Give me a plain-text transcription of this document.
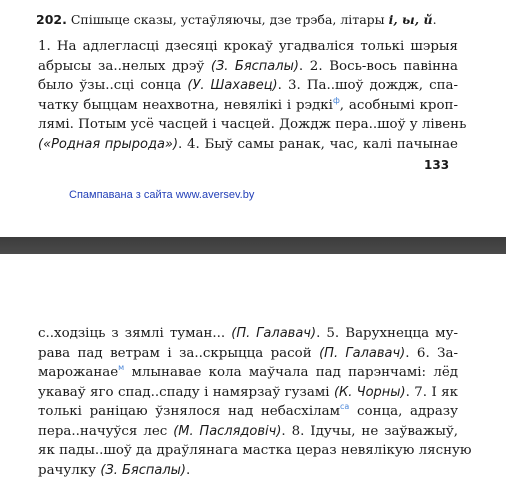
202. Спішыце сказы, устаўляючы, дзе трэба, літары і, ы, й.
1. На адлегласці дзесяці крокаў угадваліся толькі шэрыя
абрысы за..нелых дрэў (З. Бяспалы). 2. Вось-вось павінна
было ўзы..сці сонца (У. Шахавец). 3. Па..шоў дождж, спа-
чатку быццам неахвотна, невялікі і рэдкі$^ф$, асобнымі кроп-
лямі. Потым усё часцей і часцей. Дождж пера..шоў у лівень
(«Родная прырода»). 4. Быў самы ранак, час, калі пачынае
133
Спампавана з сайта www.aversev.by
с..ходзіць з зямлі туман... (П. Галавач). 5. Варухнецца му-
рава пад ветрам і за..скрыцца расой (П. Галавач). 6. За-
марожанае$^м$ млынавае кола маўчала пад парэнчамі: лёд
укаваў яго спад..спаду і намярзаў гузамі (К. Чорны). 7. І як
толькі раніцаю ўзнялося над небасхілам$^{са}$ сонца, адразу
пера..начуўся лес (М. Паслядовіч). 8. Ідучы, не заўважыў,
як пады..шоў да драўлянага мастка цераз невялікую лясную
рачулку (З. Бяспалы).
